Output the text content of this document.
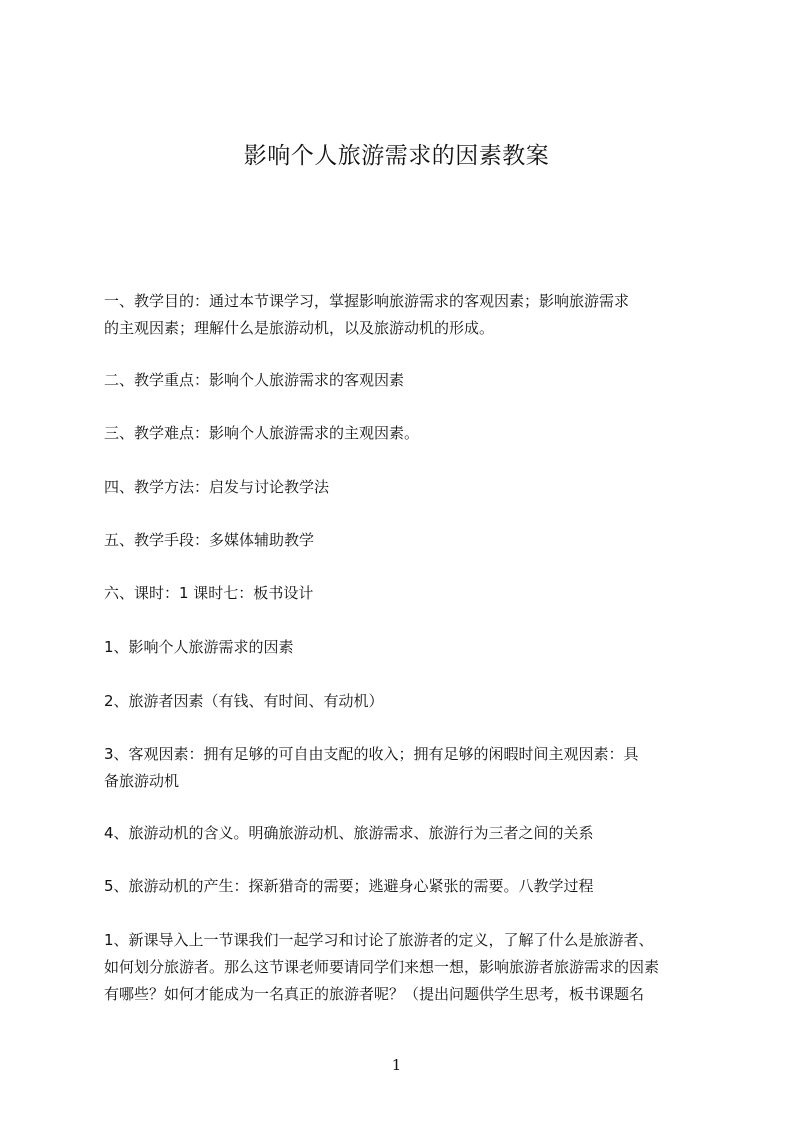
影响个人旅游需求的因素教案
一、教学目的：通过本节课学习，掌握影响旅游需求的客观因素；影响旅游需求
的主观因素；理解什么是旅游动机，以及旅游动机的形成。
二、教学重点：影响个人旅游需求的客观因素
三、教学难点：影响个人旅游需求的主观因素。
四、教学方法：启发与讨论教学法
五、教学手段：多媒体辅助教学
六、课时：1 课时七：板书设计
1、影响个人旅游需求的因素
2、旅游者因素（有钱、有时间、有动机）
3、客观因素：拥有足够的可自由支配的收入；拥有足够的闲暇时间主观因素：具
备旅游动机
4、旅游动机的含义。明确旅游动机、旅游需求、旅游行为三者之间的关系
5、旅游动机的产生：探新猎奇的需要；逃避身心紧张的需要。八教学过程
1、新课导入上一节课我们一起学习和讨论了旅游者的定义，了解了什么是旅游者、
如何划分旅游者。那么这节课老师要请同学们来想一想，影响旅游者旅游需求的因素
有哪些？如何才能成为一名真正的旅游者呢？（提出问题供学生思考，板书课题名
1
